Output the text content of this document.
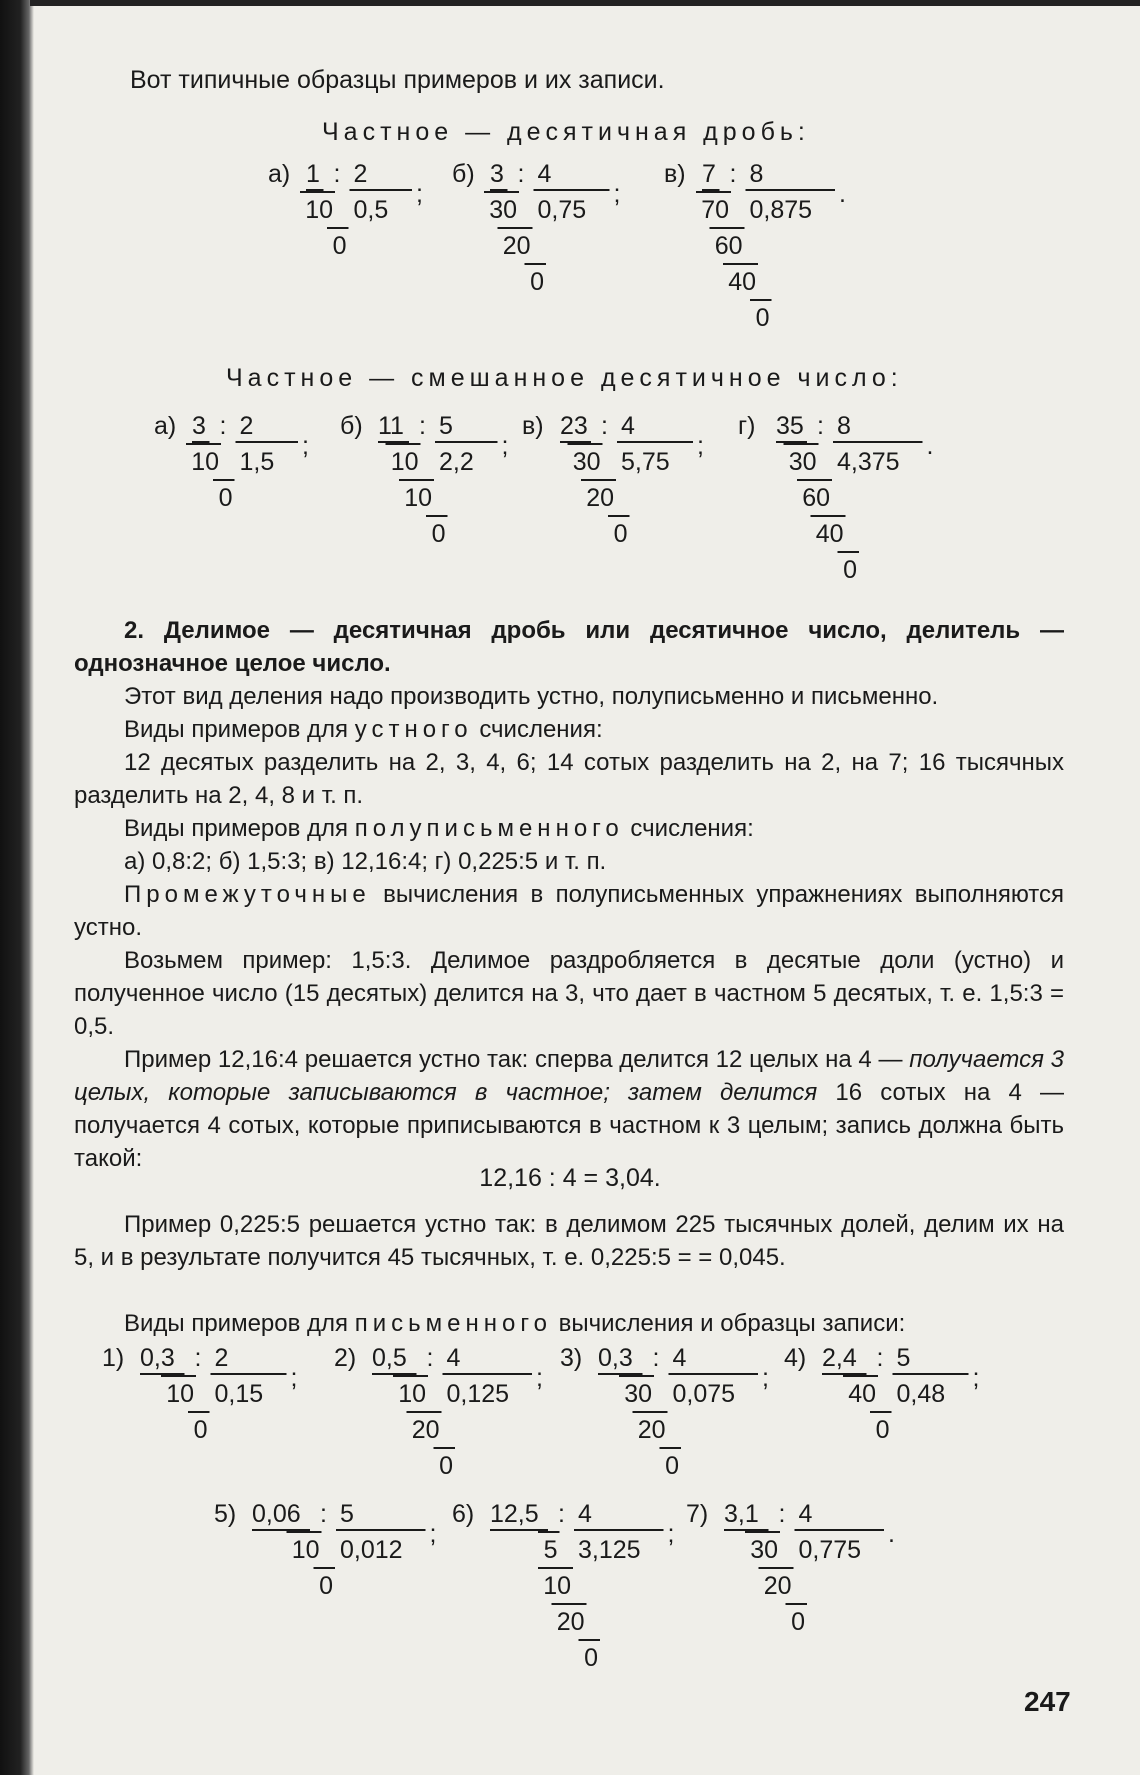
Вот типичные образцы примеров и их записи.
Частное — десятичная дробь:
Частное — смешанное десятичное число:
2. Делимое — десятичная дробь или десятичное число, делитель — однозначное целое число.
Этот вид деления надо производить устно, полуписьменно и письменно.
Виды примеров для устного счисления:
12 десятых разделить на 2, 3, 4, 6; 14 сотых разделить на 2, на 7; 16 тысячных разделить на 2, 4, 8 и т. п.
Виды примеров для полуписьменного счисления:
а) 0,8:2; б) 1,5:3; в) 12,16:4; г) 0,225:5 и т. п.
Промежуточные вычисления в полуписьменных упражнениях выполняются устно.
Возьмем пример: 1,5:3. Делимое раздробляется в десятые доли (устно) и полученное число (15 десятых) делится на 3, что дает в частном 5 десятых, т. е. 1,5:3 = 0,5.
Пример 12,16:4 решается устно так: сперва делится 12 целых на 4 — получается 3 целых, которые записываются в частное; затем делится 16 сотых на 4 — получается 4 сотых, которые приписываются в частном к 3 целым; запись должна быть такой:
12,16 : 4 = 3,04.
Пример 0,225:5 решается устно так: в делимом 225 тысячных долей, делим их на 5, и в результате получится 45 тысячных, т. е. 0,225:5 = = 0,045.
Виды примеров для письменного вычисления и образцы записи:
а) 1 : 2
0,5
;
10
0
б) 3 : 4
0,75
;
30
20
0
в) 7 : 8
0,875
.
70
60
40
0
а) 3 : 2
1,5
;
10
0
б) 11 : 5
2,2
;
10
10
0
в) 23 : 4
5,75
;
30
20
0
г) 35 : 8
4,375
.
30
60
40
0
1) 0,3 : 2
0,15
;
10
0
2) 0,5 : 4
0,125
;
10
20
0
3) 0,3 : 4
0,075
;
30
20
0
4) 2,4 : 5
0,48
;
40
0
5) 0,06 : 5
0,012
;
10
0
6) 12,5 : 4
3,125
;
5
10
20
0
7) 3,1 : 4
0,775
.
30
20
0
247
